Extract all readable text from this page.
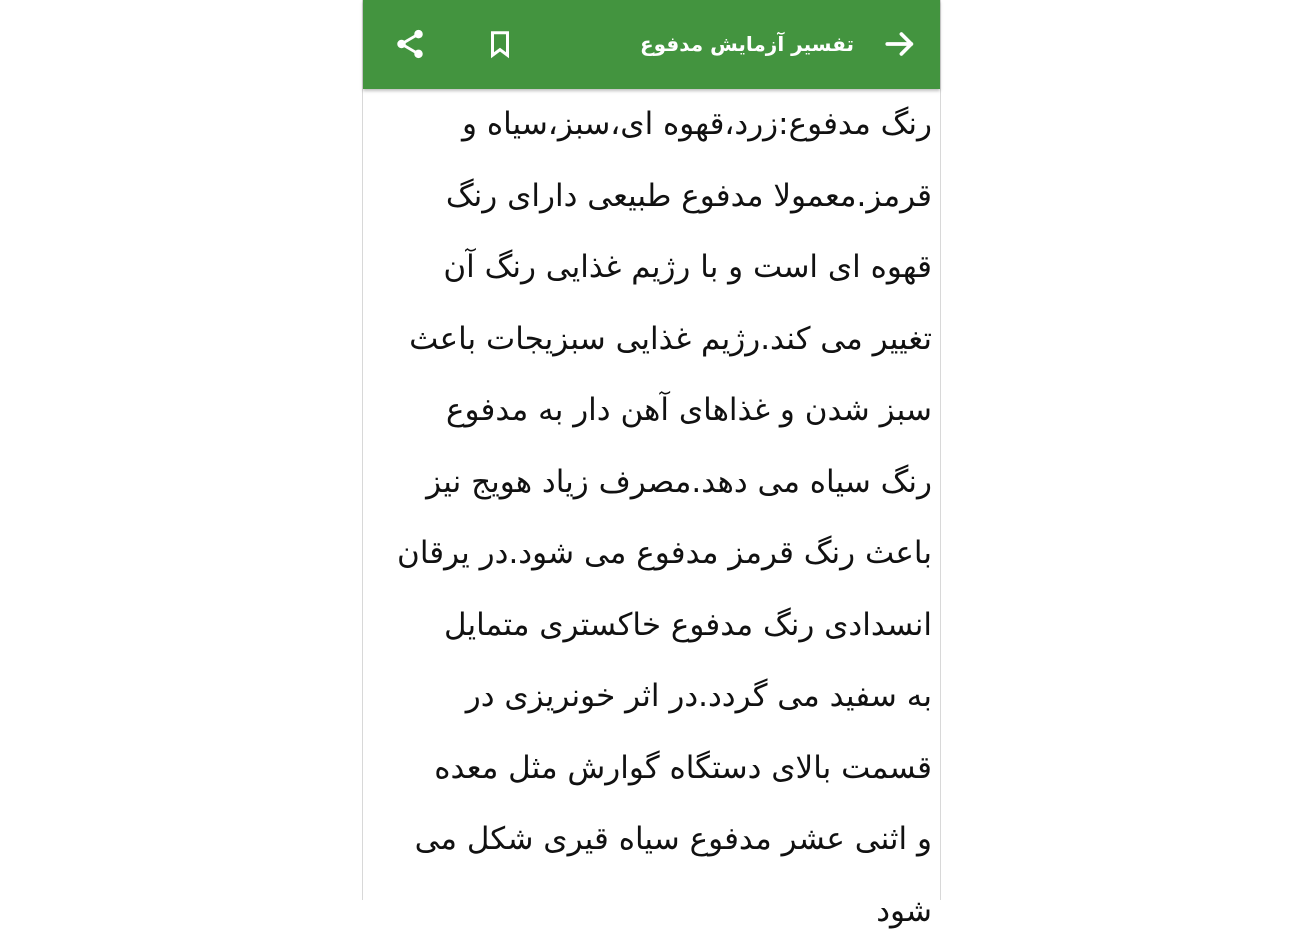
تفسیر آزمایش مدفوع
رنگ مدفوع:زرد،قهوه ای،سبز،سیاه و
قرمز.معمولا مدفوع طبیعی دارای رنگ
قهوه ای است و با رژیم غذایی رنگ آن
تغییر می کند.رژیم غذایی سبزیجات باعث
سبز شدن و غذاهای آهن دار به مدفوع
رنگ سیاه می دهد.مصرف زیاد هویج نیز
باعث رنگ قرمز مدفوع می شود.در یرقان
انسدادی رنگ مدفوع خاکستری متمایل
به سفید می گردد.در اثر خونریزی در
قسمت بالای دستگاه گوارش مثل معده
و اثنی عشر مدفوع سیاه قیری شکل می
شود
